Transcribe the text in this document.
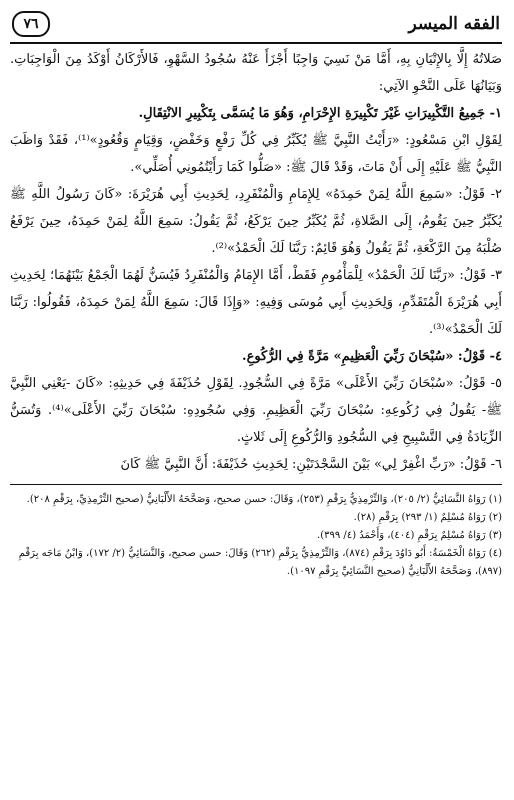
الفقه الميسر
٧٦

صَلاتُهُ إِلَّا بِالإِتْيَانِ بِهِ، أَمَّا مَنْ نَسِيَ وَاجِبًا أَجْزَأَ عَنْهُ سُجُودُ السَّهْوِ، فَالأَرْكَانُ أَوْكَدُ مِنَ الْوَاجِبَاتِ. وَبَيَانُهَا عَلَى النَّحْوِ الآتِي:

١- جَمِيعُ التَّكْبِيرَاتِ غَيْرَ تَكْبِيرَةِ الإِحْرَامِ، وَهُوَ مَا يُسَمَّى بِتَكْبِيرِ الانْتِقَالِ.

لِقَوْلِ ابْنِ مَسْعُودٍ: «رَأَيْتُ النَّبِيَّ ﷺ يُكَبِّرُ فِي كُلِّ رَفْعٍ وَخَفْضٍ، وَقِيَامٍ وَقُعُودٍ»⁽¹⁾، فَقَدْ وَاظَبَ النَّبِيُّ ﷺ عَلَيْهِ إِلَى أَنْ مَاتَ، وَقَدْ قَالَ ﷺ: «صَلُّوا كَمَا رَأَيْتُمُونِي أُصَلِّي».

٢- قَوْلُ: «سَمِعَ اللَّهُ لِمَنْ حَمِدَهُ» لِلإِمَامِ وَالْمُنْفَرِدِ، لِحَدِيثِ أَبِي هُرَيْرَةَ: «كَانَ رَسُولُ اللَّهِ ﷺ يُكَبِّرُ حِينَ يَقُومُ، إِلَى الصَّلاةِ، ثُمَّ يُكَبِّرُ حِينَ يَرْكَعُ، ثُمَّ يَقُولُ: سَمِعَ اللَّهُ لِمَنْ حَمِدَهُ، حِينَ يَرْفَعُ صُلْبَهُ مِنَ الرَّكْعَةِ، ثُمَّ يَقُولُ وَهُوَ قَائِمٌ: رَبَّنَا لَكَ الْحَمْدُ»⁽²⁾.

٣- قَوْلُ: «رَبَّنَا لَكَ الْحَمْدُ» لِلْمَأْمُومِ فَقَطْ، أَمَّا الإِمَامُ وَالْمُنْفَرِدُ فَيُسَنُّ لَهُمَا الْجَمْعُ بَيْنَهُمَا؛ لِحَدِيثِ أَبِي هُرَيْرَةَ الْمُتَقَدِّمِ، وَلِحَدِيثِ أَبِي مُوسَى وَفِيهِ: «وَإِذَا قَالَ: سَمِعَ اللَّهُ لِمَنْ حَمِدَهُ، فَقُولُوا: رَبَّنَا لَكَ الْحَمْدُ»⁽³⁾.

٤- قَوْلُ: «سُبْحَانَ رَبِّيَ الْعَظِيمِ» مَرَّةً فِي الرُّكُوعِ.

٥- قَوْلُ: «سُبْحَانَ رَبِّيَ الأَعْلَى» مَرَّةً فِي السُّجُودِ. لِقَوْلِ حُذَيْفَةَ فِي حَدِيثِهِ: «كَانَ -يَعْنِي النَّبِيَّ ﷺ- يَقُولُ فِي رُكُوعِهِ: سُبْحَانَ رَبِّيَ الْعَظِيمِ. وَفِي سُجُودِهِ: سُبْحَانَ رَبِّيَ الأَعْلَى»⁽⁴⁾. وَتُسَنُّ الزِّيَادَةُ فِي التَّسْبِيحِ فِي السُّجُودِ وَالرُّكُوعِ إِلَى ثَلاثٍ.

٦- قَوْلُ: «رَبِّ اغْفِرْ لِي» بَيْنَ السَّجْدَتَيْنِ: لِحَدِيثِ حُذَيْفَةَ: أَنَّ النَّبِيَّ ﷺ كَانَ

(١) رَوَاهُ النَّسَائِيُّ (٢/ ٢٠٥)، وَالتِّرْمِذِيُّ بِرَقْمِ (٢٥٣)، وَقَالَ: حسن صحيح، وَصَحَّحَهُ الأَلْبَانِيُّ (صحيح التِّرْمِذِيِّ، بِرَقْمِ ٢٠٨).

(٢) رَوَاهُ مُسْلِمٌ (١/ ٢٩٣) بِرَقْمِ (٢٨).

(٣) رَوَاهُ مُسْلِمٌ بِرَقْمِ (٤٠٤)، وَأَحْمَدُ (٤/ ٣٩٩).

(٤) رَوَاهُ الْخَمْسَةُ: أَبُو دَاوُدَ بِرَقْمِ (٨٧٤)، وَالتِّرْمِذِيُّ بِرَقْمِ (٢٦٢) وَقَالَ: حسن صحيح، وَالنَّسَائِيُّ (٢/ ١٧٢)، وَابْنُ مَاجَه بِرَقْمِ (٨٩٧)، وَصَحَّحَهُ الأَلْبَانِيُّ (صحيح النَّسَائِيِّ بِرَقْمِ ١٠٩٧).
